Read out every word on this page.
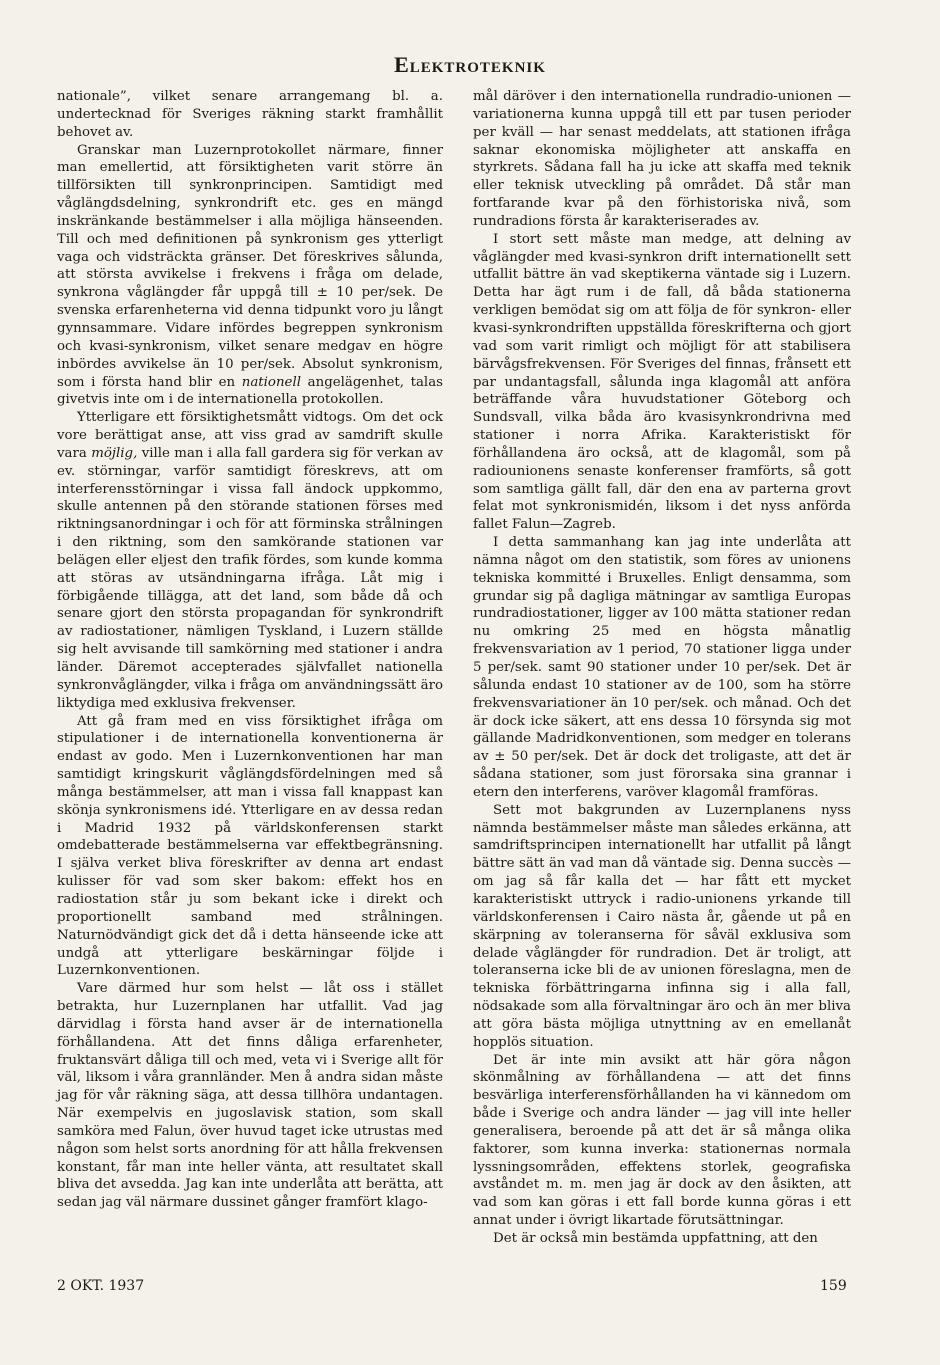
Elektroteknik

nationale”, vilket senare arrangemang bl. a. undertecknad för Sveriges räkning starkt framhållit behovet av.

Granskar man Luzernprotokollet närmare, finner man emellertid, att försiktigheten varit större än tillförsikten till synkronprincipen. Samtidigt med våglängdsdelning, synkrondrift etc. ges en mängd inskränkande bestämmelser i alla möjliga hänseenden. Till och med definitionen på synkronism ges ytterligt vaga och vidsträckta gränser. Det föreskrives sålunda, att största avvikelse i frekvens i fråga om delade, synkrona våglängder får uppgå till ± 10 per/sek. De svenska erfarenheterna vid denna tidpunkt voro ju långt gynnsammare. Vidare infördes begreppen synkronism och kvasi-synkronism, vilket senare medgav en högre inbördes avvikelse än 10 per/sek. Absolut synkronism, som i första hand blir en nationell angelägenhet, talas givetvis inte om i de internationella protokollen.

Ytterligare ett försiktighetsmått vidtogs. Om det ock vore berättigat anse, att viss grad av samdrift skulle vara möjlig, ville man i alla fall gardera sig för verkan av ev. störningar, varför samtidigt föreskrevs, att om interferensstörningar i vissa fall ändock uppkommo, skulle antennen på den störande stationen förses med riktningsanordningar i och för att förminska strålningen i den riktning, som den samkörande stationen var belägen eller eljest den trafik fördes, som kunde komma att störas av utsändningarna ifråga. Låt mig i förbigående tillägga, att det land, som både då och senare gjort den största propagandan för synkrondrift av radiostationer, nämligen Tyskland, i Luzern ställde sig helt avvisande till samkörning med stationer i andra länder. Däremot accepterades självfallet nationella synkronvåglängder, vilka i fråga om användningssätt äro liktydiga med exklusiva frekvenser.

Att gå fram med en viss försiktighet ifråga om stipulationer i de internationella konventionerna är endast av godo. Men i Luzernkonventionen har man samtidigt kringskurit våglängdsfördelningen med så många bestämmelser, att man i vissa fall knappast kan skönja synkronismens idé. Ytterligare en av dessa redan i Madrid 1932 på världskonferensen starkt omdebatterade bestämmelserna var effektbegränsning. I själva verket bliva föreskrifter av denna art endast kulisser för vad som sker bakom: effekt hos en radiostation står ju som bekant icke i direkt och proportionellt samband med strålningen. Naturnödvändigt gick det då i detta hänseende icke att undgå att ytterligare beskärningar följde i Luzernkonventionen.

Vare därmed hur som helst — låt oss i stället betrakta, hur Luzernplanen har utfallit. Vad jag därvidlag i första hand avser är de internationella förhållandena. Att det finns dåliga erfarenheter, fruktansvärt dåliga till och med, veta vi i Sverige allt för väl, liksom i våra grannländer. Men å andra sidan måste jag för vår räkning säga, att dessa tillhöra undantagen. När exempelvis en jugoslavisk station, som skall samköra med Falun, över huvud taget icke utrustas med någon som helst sorts anordning för att hålla frekvensen konstant, får man inte heller vänta, att resultatet skall bliva det avsedda. Jag kan inte underlåta att berätta, att sedan jag väl närmare dussinet gånger framfört klago-

mål däröver i den internationella rundradio-unionen — variationerna kunna uppgå till ett par tusen perioder per kväll — har senast meddelats, att stationen ifråga saknar ekonomiska möjligheter att anskaffa en styrkrets. Sådana fall ha ju icke att skaffa med teknik eller teknisk utveckling på området. Då står man fortfarande kvar på den förhistoriska nivå, som rundradions första år karakteriserades av.

I stort sett måste man medge, att delning av våglängder med kvasi-synkron drift internationellt sett utfallit bättre än vad skeptikerna väntade sig i Luzern. Detta har ägt rum i de fall, då båda stationerna verkligen bemödat sig om att följa de för synkron- eller kvasi-synkrondriften uppställda föreskrifterna och gjort vad som varit rimligt och möjligt för att stabilisera bärvågsfrekvensen. För Sveriges del finnas, frånsett ett par undantagsfall, sålunda inga klagomål att anföra beträffande våra huvudstationer Göteborg och Sundsvall, vilka båda äro kvasisynkrondrivna med stationer i norra Afrika. Karakteristiskt för förhållandena äro också, att de klagomål, som på radiounionens senaste konferenser framförts, så gott som samtliga gällt fall, där den ena av parterna grovt felat mot synkronismidén, liksom i det nyss anförda fallet Falun—Zagreb.

I detta sammanhang kan jag inte underlåta att nämna något om den statistik, som föres av unionens tekniska kommitté i Bruxelles. Enligt densamma, som grundar sig på dagliga mätningar av samtliga Europas rundradiostationer, ligger av 100 mätta stationer redan nu omkring 25 med en högsta månatlig frekvensvariation av 1 period, 70 stationer ligga under 5 per/sek. samt 90 stationer under 10 per/sek. Det är sålunda endast 10 stationer av de 100, som ha större frekvensvariationer än 10 per/sek. och månad. Och det är dock icke säkert, att ens dessa 10 försynda sig mot gällande Madridkonventionen, som medger en tolerans av ± 50 per/sek. Det är dock det troligaste, att det är sådana stationer, som just förorsaka sina grannar i etern den interferens, varöver klagomål framföras.

Sett mot bakgrunden av Luzernplanens nyss nämnda bestämmelser måste man således erkänna, att samdriftsprincipen internationellt har utfallit på långt bättre sätt än vad man då väntade sig. Denna succès — om jag så får kalla det — har fått ett mycket karakteristiskt uttryck i radio-unionens yrkande till världskonferensen i Cairo nästa år, gående ut på en skärpning av toleranserna för såväl exklusiva som delade våglängder för rundradion. Det är troligt, att toleranserna icke bli de av unionen föreslagna, men de tekniska förbättringarna infinna sig i alla fall, nödsakade som alla förvaltningar äro och än mer bliva att göra bästa möjliga utnyttning av en emellanåt hopplös situation.

Det är inte min avsikt att här göra någon skönmålning av förhållandena — att det finns besvärliga interferensförhållanden ha vi kännedom om både i Sverige och andra länder — jag vill inte heller generalisera, beroende på att det är så många olika faktorer, som kunna inverka: stationernas normala lyssningsområden, effektens storlek, geografiska avståndet m. m. men jag är dock av den åsikten, att vad som kan göras i ett fall borde kunna göras i ett annat under i övrigt likartade förutsättningar.

Det är också min bestämda uppfattning, att den

2 OKT. 1937	159
